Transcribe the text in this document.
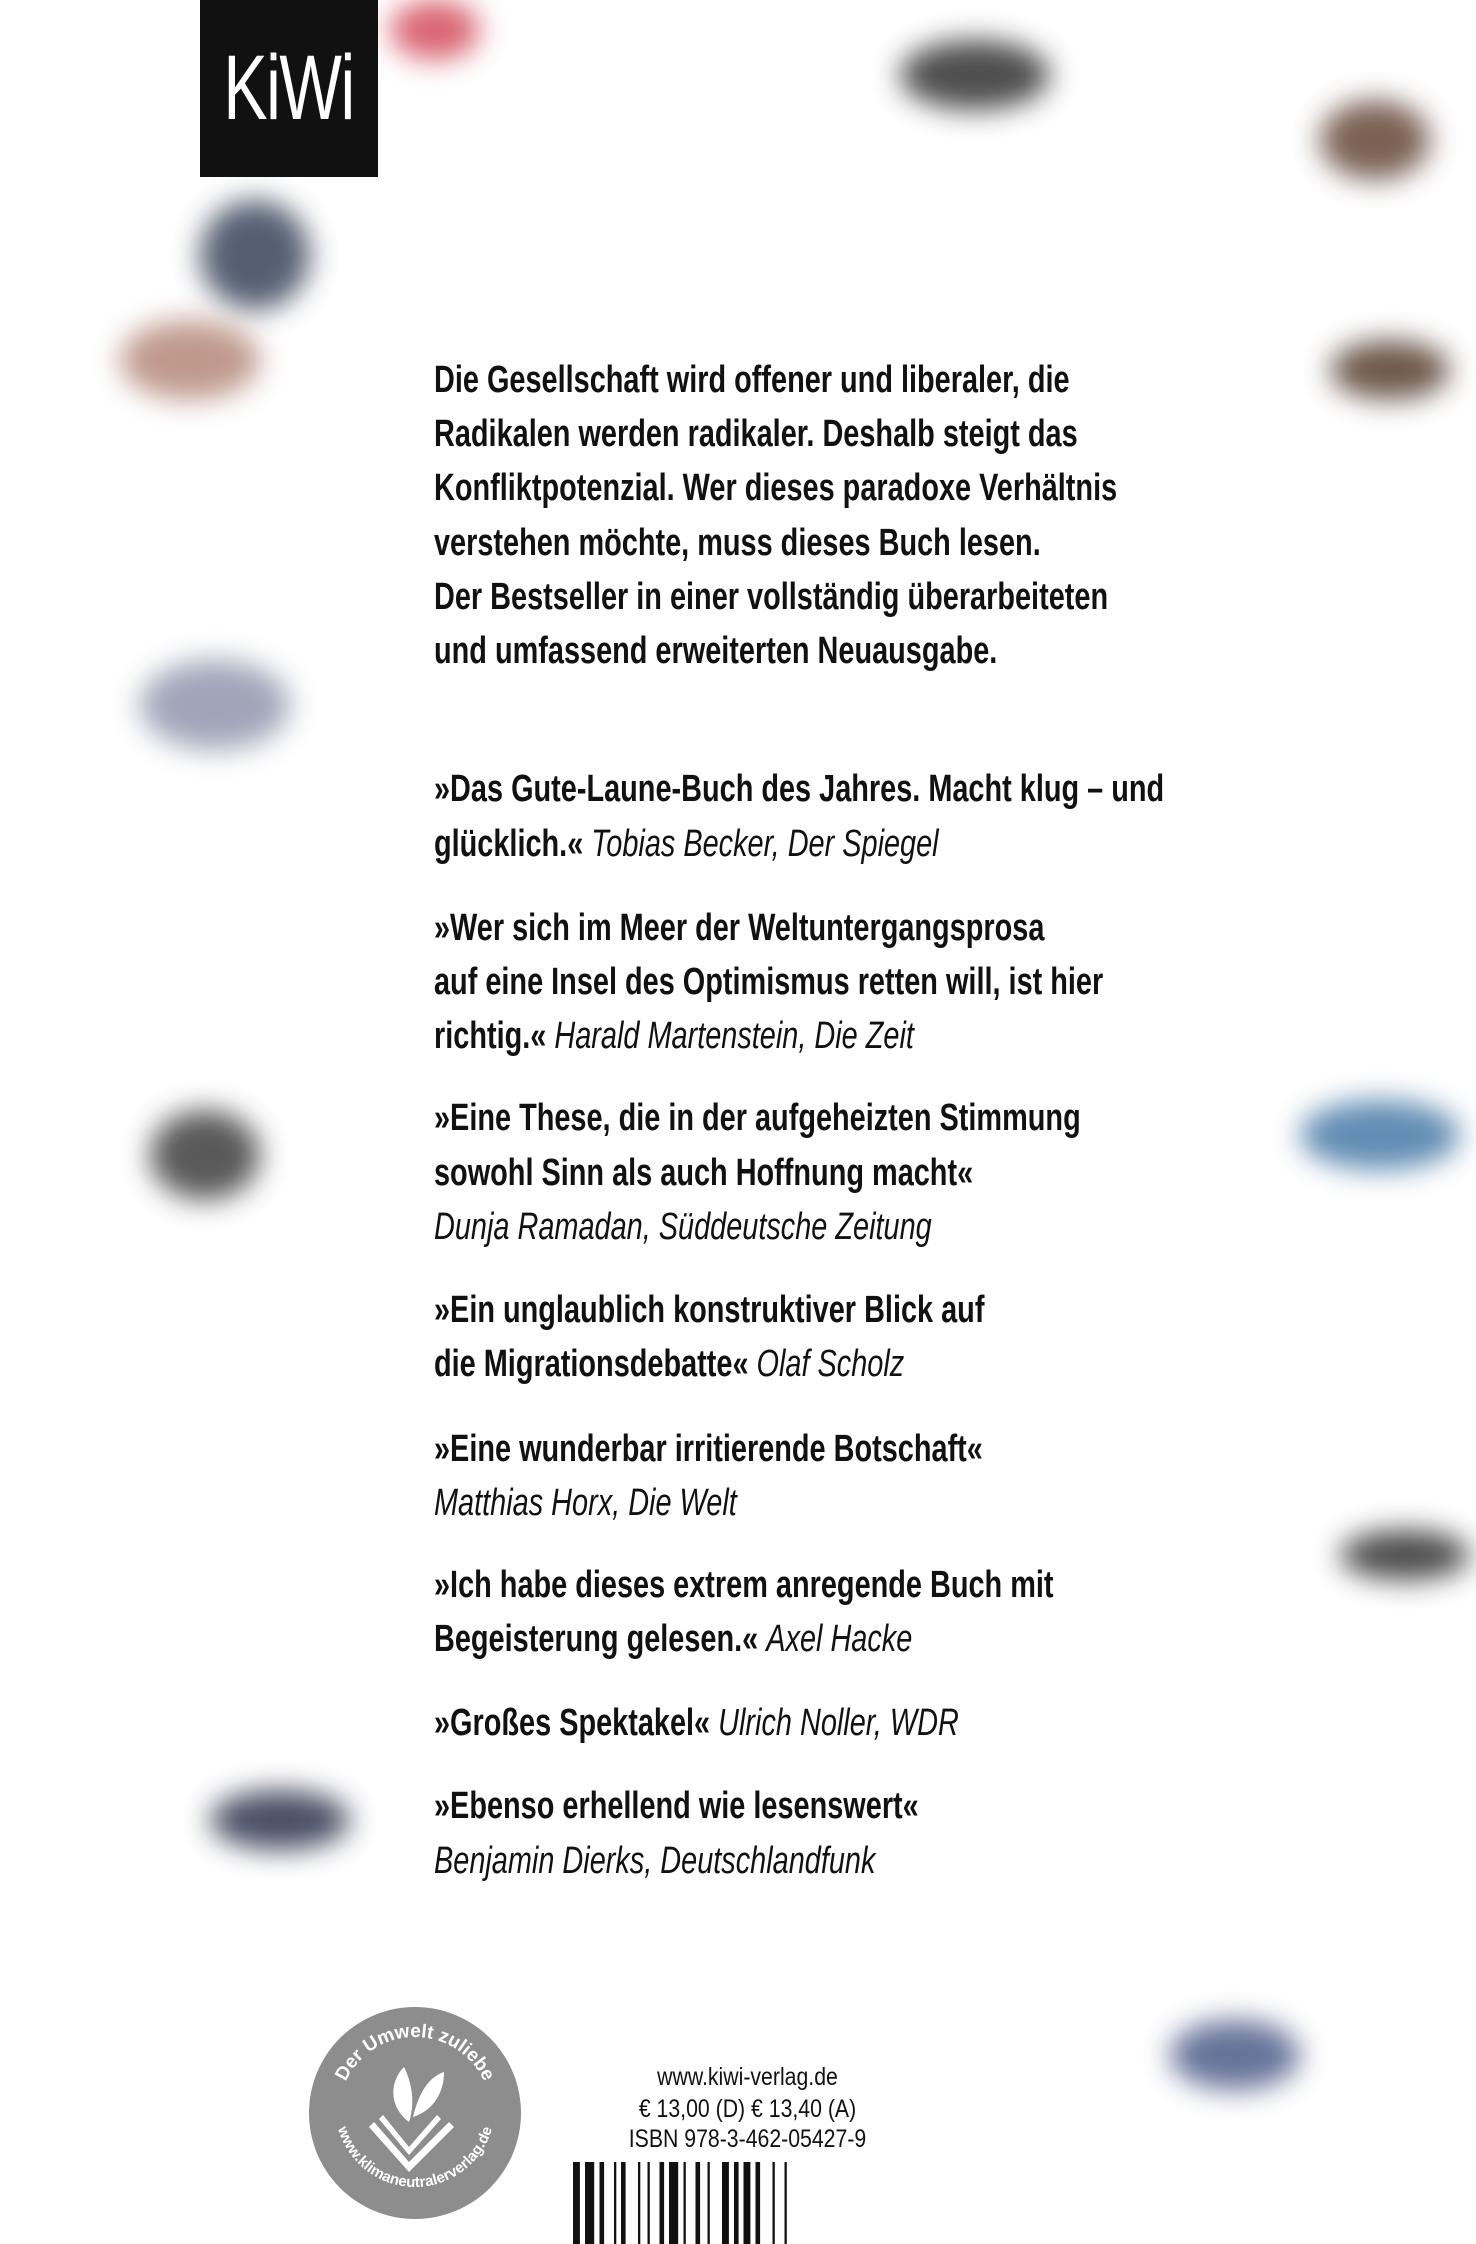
KiWi
Die Gesellschaft wird offener und liberaler, die
Radikalen werden radikaler. Deshalb steigt das
Konfliktpotenzial. Wer dieses paradoxe Verhältnis
verstehen möchte, muss dieses Buch lesen.
Der Bestseller in einer vollständig überarbeiteten
und umfassend erweiterten Neuausgabe.
»Das Gute-Laune-Buch des Jahres. Macht klug – und
glücklich.« Tobias Becker, Der Spiegel
»Wer sich im Meer der Weltuntergangsprosa
auf eine Insel des Optimismus retten will, ist hier
richtig.« Harald Martenstein, Die Zeit
»Eine These, die in der aufgeheizten Stimmung
sowohl Sinn als auch Hoffnung macht«
Dunja Ramadan, Süddeutsche Zeitung
»Ein unglaublich konstruktiver Blick auf
die Migrationsdebatte« Olaf Scholz
»Eine wunderbar irritierende Botschaft«
Matthias Horx, Die Welt
»Ich habe dieses extrem anregende Buch mit
Begeisterung gelesen.« Axel Hacke
»Großes Spektakel« Ulrich Noller, WDR
»Ebenso erhellend wie lesenswert«
Benjamin Dierks, Deutschlandfunk
Der Umwelt zuliebe
www.klimaneutralerverlag.de
www.kiwi-verlag.de
€ 13,00 (D) € 13,40 (A)
ISBN 978-3-462-05427-9
